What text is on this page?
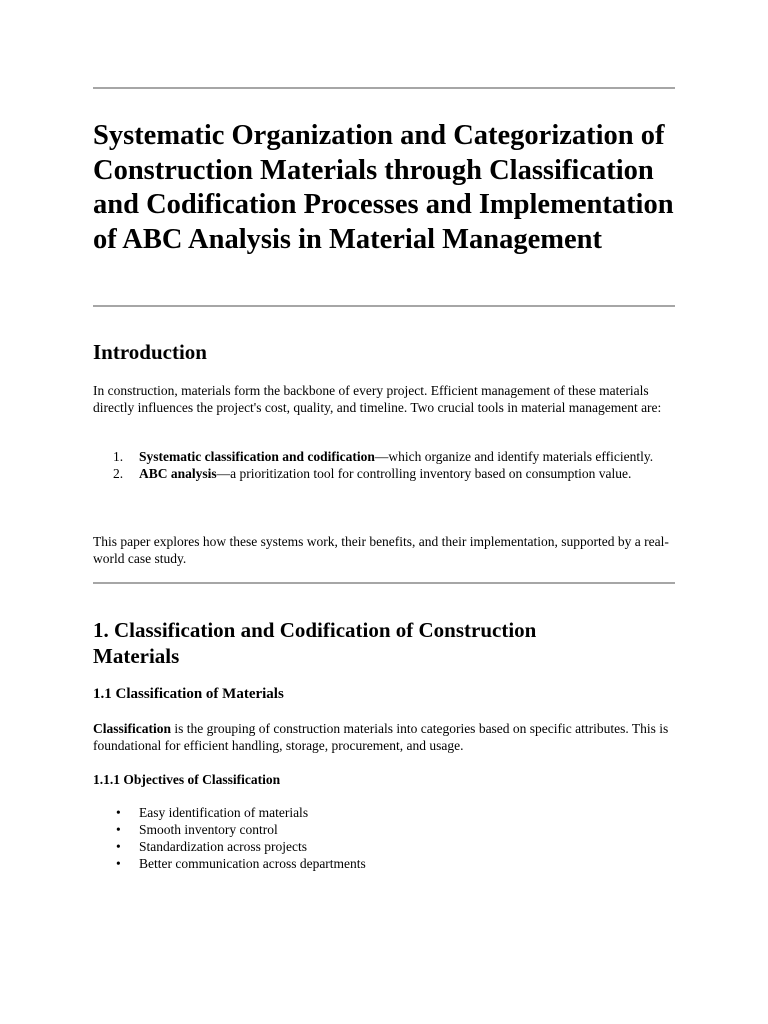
Systematic Organization and Categorization of Construction Materials through Classification and Codification Processes and Implementation of ABC Analysis in Material Management
Introduction

In construction, materials form the backbone of every project. Efficient management of these materials directly influences the project's cost, quality, and timeline. Two crucial tools in material management are:

1. Systematic classification and codification—which organize and identify materials efficiently.
2. ABC analysis—a prioritization tool for controlling inventory based on consumption value.

This paper explores how these systems work, their benefits, and their implementation, supported by a real-world case study.

1. Classification and Codification of Construction Materials
1.1 Classification of Materials

Classification is the grouping of construction materials into categories based on specific attributes. This is foundational for efficient handling, storage, procurement, and usage.

1.1.1 Objectives of Classification
• Easy identification of materials
• Smooth inventory control
• Standardization across projects
• Better communication across departments
